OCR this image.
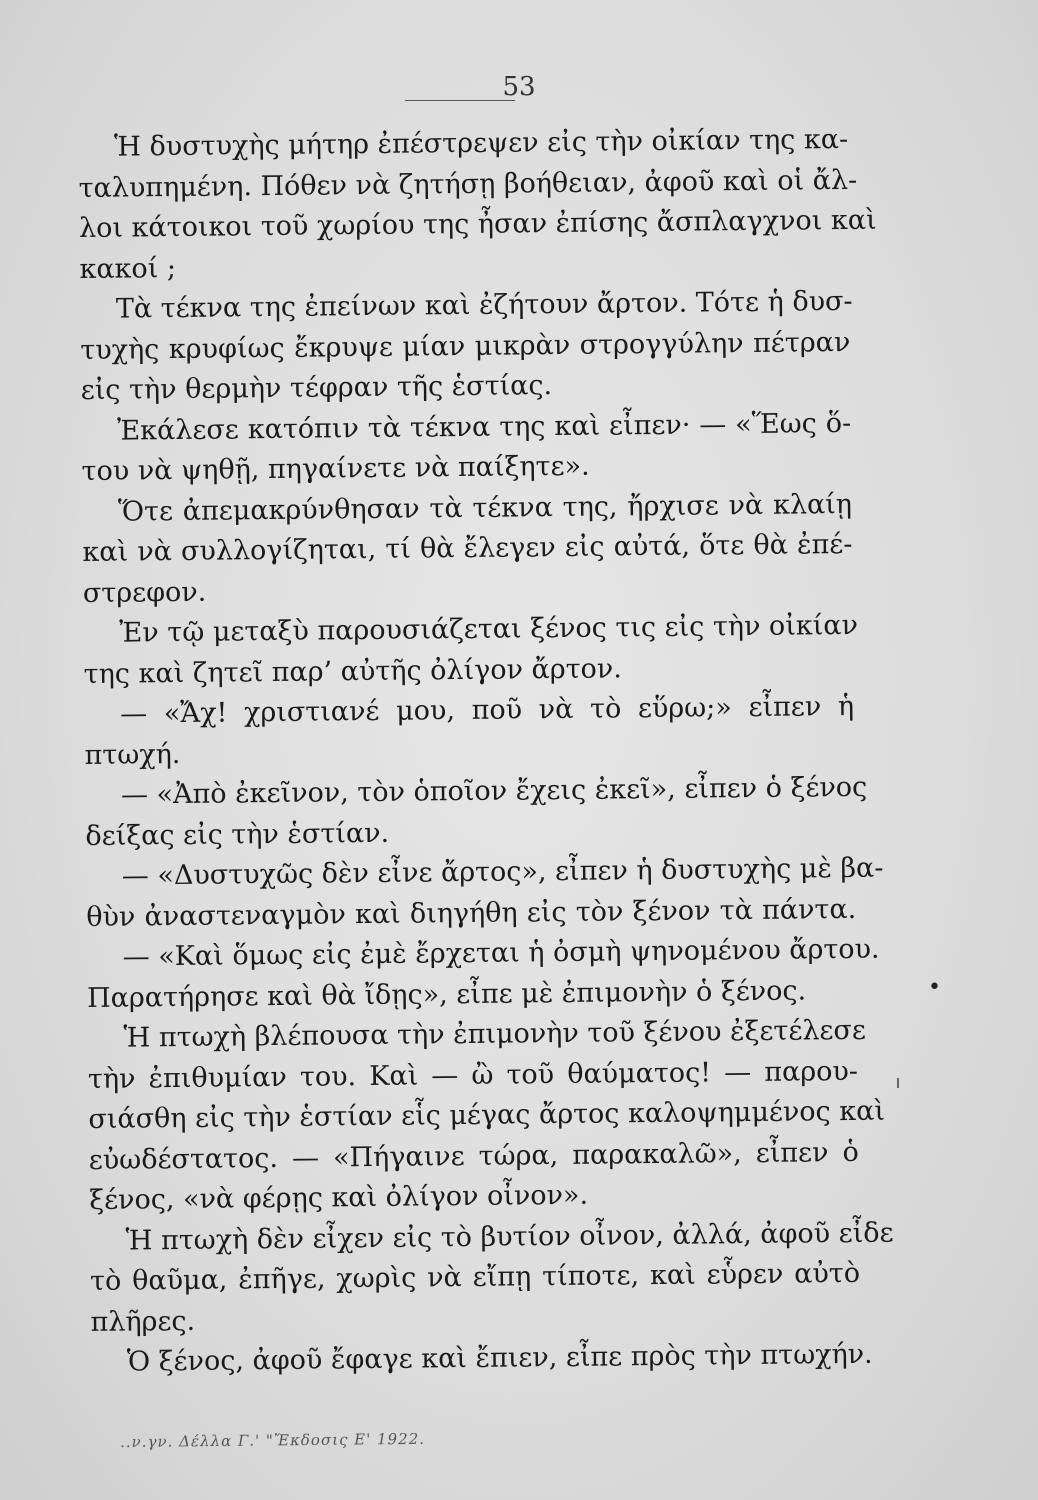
53
Ἡ δυστυχὴς μήτηρ ἐπέστρεψεν εἰς τὴν οἰκίαν της κα-
ταλυπημένη. Πόθεν νὰ ζητήσῃ βοήθειαν, ἀφοῦ καὶ οἱ ἄλ-
λοι κάτοικοι τοῦ χωρίου της ἦσαν ἐπίσης ἄσπλαγχνοι καὶ
κακοί ;
Τὰ τέκνα της ἐπείνων καὶ ἐζήτουν ἄρτον. Τότε ἡ δυσ-
τυχὴς κρυφίως ἔκρυψε μίαν μικρὰν στρογγύλην πέτραν
εἰς τὴν θερμὴν τέφραν τῆς ἑστίας.
Ἐκάλεσε κατόπιν τὰ τέκνα της καὶ εἶπεν· — «Ἕως ὅ-
του νὰ ψηθῇ, πηγαίνετε νὰ παίξητε».
Ὅτε ἀπεμακρύνθησαν τὰ τέκνα της, ἤρχισε νὰ κλαίῃ
καὶ νὰ συλλογίζηται, τί θὰ ἔλεγεν εἰς αὐτά, ὅτε θὰ ἐπέ-
στρεφον.
Ἐν τῷ μεταξὺ παρουσιάζεται ξένος τις εἰς τὴν οἰκίαν
της καὶ ζητεῖ παρ’ αὐτῆς ὀλίγον ἄρτον.
— «Ἄχ! χριστιανέ μου, ποῦ νὰ τὸ εὕρω;» εἶπεν ἡ
πτωχή.
— «Ἀπὸ ἐκεῖνον, τὸν ὁποῖον ἔχεις ἐκεῖ», εἶπεν ὁ ξένος
δείξας εἰς τὴν ἑστίαν.
— «Δυστυχῶς δὲν εἶνε ἄρτος», εἶπεν ἡ δυστυχὴς μὲ βα-
θὺν ἀναστεναγμὸν καὶ διηγήθη εἰς τὸν ξένον τὰ πάντα.
— «Καὶ ὅμως εἰς ἐμὲ ἔρχεται ἡ ὀσμὴ ψηνομένου ἄρτου.
Παρατήρησε καὶ θὰ ἴδῃς», εἶπε μὲ ἐπιμονὴν ὁ ξένος.
Ἡ πτωχὴ βλέπουσα τὴν ἐπιμονὴν τοῦ ξένου ἐξετέλεσε
τὴν ἐπιθυμίαν του. Καὶ — ὢ τοῦ θαύματος! — παρου-
σιάσθη εἰς τὴν ἑστίαν εἷς μέγας ἄρτος καλοψημμένος καὶ
εὐωδέστατος. — «Πήγαινε τώρα, παρακαλῶ», εἶπεν ὁ
ξένος, «νὰ φέρῃς καὶ ὀλίγον οἶνον».
Ἡ πτωχὴ δὲν εἶχεν εἰς τὸ βυτίον οἶνον, ἀλλά, ἀφοῦ εἶδε
τὸ θαῦμα, ἐπῆγε, χωρὶς νὰ εἴπῃ τίποτε, καὶ εὗρεν αὐτὸ
πλῆρες.
Ὁ ξένος, ἀφοῦ ἔφαγε καὶ ἔπιεν, εἶπε πρὸς τὴν πτωχήν.
•
..ν.γν. Δέλλα Γ.' "Ἔκδοσις Ε' 1922.
